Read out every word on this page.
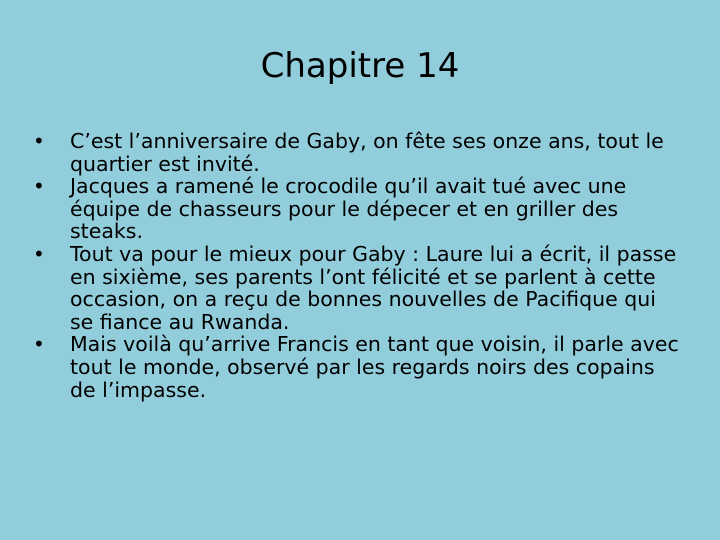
Chapitre 14
•	C’est l’anniversaire de Gaby, on fête ses onze ans, tout le quartier est invité.
•	Jacques a ramené le crocodile qu’il avait tué avec une équipe de chasseurs pour le dépecer et en griller des steaks.
•	Tout va pour le mieux pour Gaby : Laure lui a écrit, il passe en sixième, ses parents l’ont félicité et se parlent à cette occasion, on a reçu de bonnes nouvelles de Pacifique qui se fiance au Rwanda.
•	Mais voilà qu’arrive Francis en tant que voisin, il parle avec tout le monde, observé par les regards noirs des copains de l’impasse.
